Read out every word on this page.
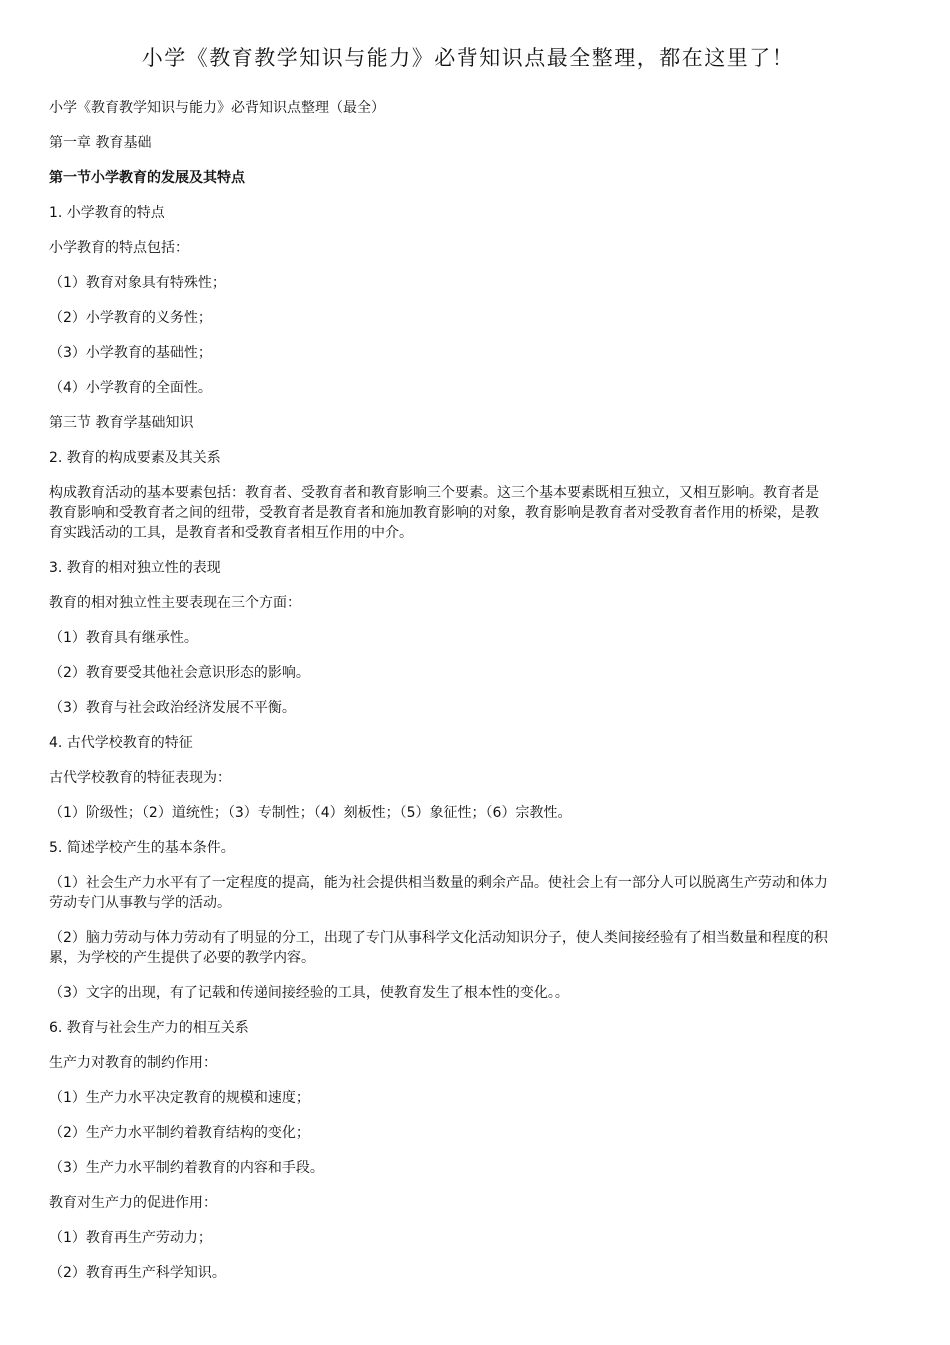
小学《教育教学知识与能力》必背知识点最全整理，都在这里了！

小学《教育教学知识与能力》必背知识点整理（最全）

第一章 教育基础

第一节小学教育的发展及其特点

1. 小学教育的特点

小学教育的特点包括：

（1）教育对象具有特殊性；

（2）小学教育的义务性；

（3）小学教育的基础性；

（4）小学教育的全面性。

第三节 教育学基础知识

2. 教育的构成要素及其关系

构成教育活动的基本要素包括：教育者、受教育者和教育影响三个要素。这三个基本要素既相互独立，又相互影响。教育者是教育影响和受教育者之间的纽带，受教育者是教育者和施加教育影响的对象，教育影响是教育者对受教育者作用的桥梁，是教育实践活动的工具，是教育者和受教育者相互作用的中介。

3. 教育的相对独立性的表现

教育的相对独立性主要表现在三个方面：

（1）教育具有继承性。

（2）教育要受其他社会意识形态的影响。

（3）教育与社会政治经济发展不平衡。

4. 古代学校教育的特征

古代学校教育的特征表现为：

（1）阶级性；（2）道统性；（3）专制性；（4）刻板性；（5）象征性；（6）宗教性。

5. 简述学校产生的基本条件。

（1）社会生产力水平有了一定程度的提高，能为社会提供相当数量的剩余产品。使社会上有一部分人可以脱离生产劳动和体力劳动专门从事教与学的活动。

（2）脑力劳动与体力劳动有了明显的分工，出现了专门从事科学文化活动知识分子，使人类间接经验有了相当数量和程度的积累，为学校的产生提供了必要的教学内容。

（3）文字的出现，有了记载和传递间接经验的工具，使教育发生了根本性的变化。。

6. 教育与社会生产力的相互关系

生产力对教育的制约作用：

（1）生产力水平决定教育的规模和速度；

（2）生产力水平制约着教育结构的变化；

（3）生产力水平制约着教育的内容和手段。

教育对生产力的促进作用：

（1）教育再生产劳动力；

（2）教育再生产科学知识。
